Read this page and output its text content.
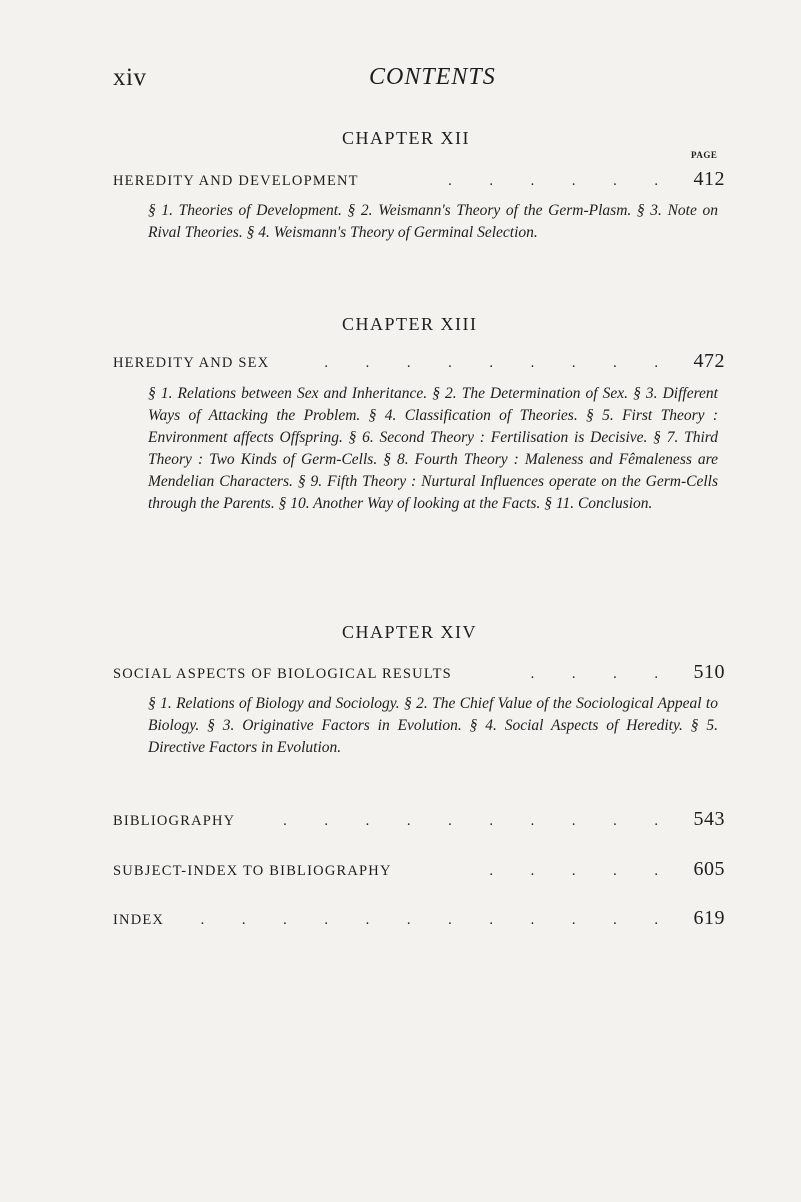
xiv	CONTENTS
CHAPTER XII
PAGE
HEREDITY AND DEVELOPMENT	. . . . . . 412
§ 1. Theories of Development. § 2. Weismann's Theory of the Germ-Plasm. § 3. Note on Rival Theories. § 4. Weismann's Theory of Germinal Selection.
CHAPTER XIII
HEREDITY AND SEX	. . . . . . . . . 472
§ 1. Relations between Sex and Inheritance. § 2. The Determination of Sex. § 3. Different Ways of Attacking the Problem. § 4. Classification of Theories. § 5. First Theory : Environment affects Offspring. § 6. Second Theory : Fertilisation is Decisive. § 7. Third Theory : Two Kinds of Germ-Cells. § 8. Fourth Theory : Maleness and Fêmaleness are Mendelian Characters. § 9. Fifth Theory : Nurtural Influences operate on the Germ-Cells through the Parents. § 10. Another Way of looking at the Facts. § 11. Conclusion.
CHAPTER XIV
SOCIAL ASPECTS OF BIOLOGICAL RESULTS	. . . . 510
§ 1. Relations of Biology and Sociology. § 2. The Chief Value of the Sociological Appeal to Biology. § 3. Originative Factors in Evolution. § 4. Social Aspects of Heredity. § 5. Directive Factors in Evolution.
BIBLIOGRAPHY	. . . . . . . . . . 543
SUBJECT-INDEX TO BIBLIOGRAPHY	. . . . . 605
INDEX	. . . . . . . . . . . . 619
